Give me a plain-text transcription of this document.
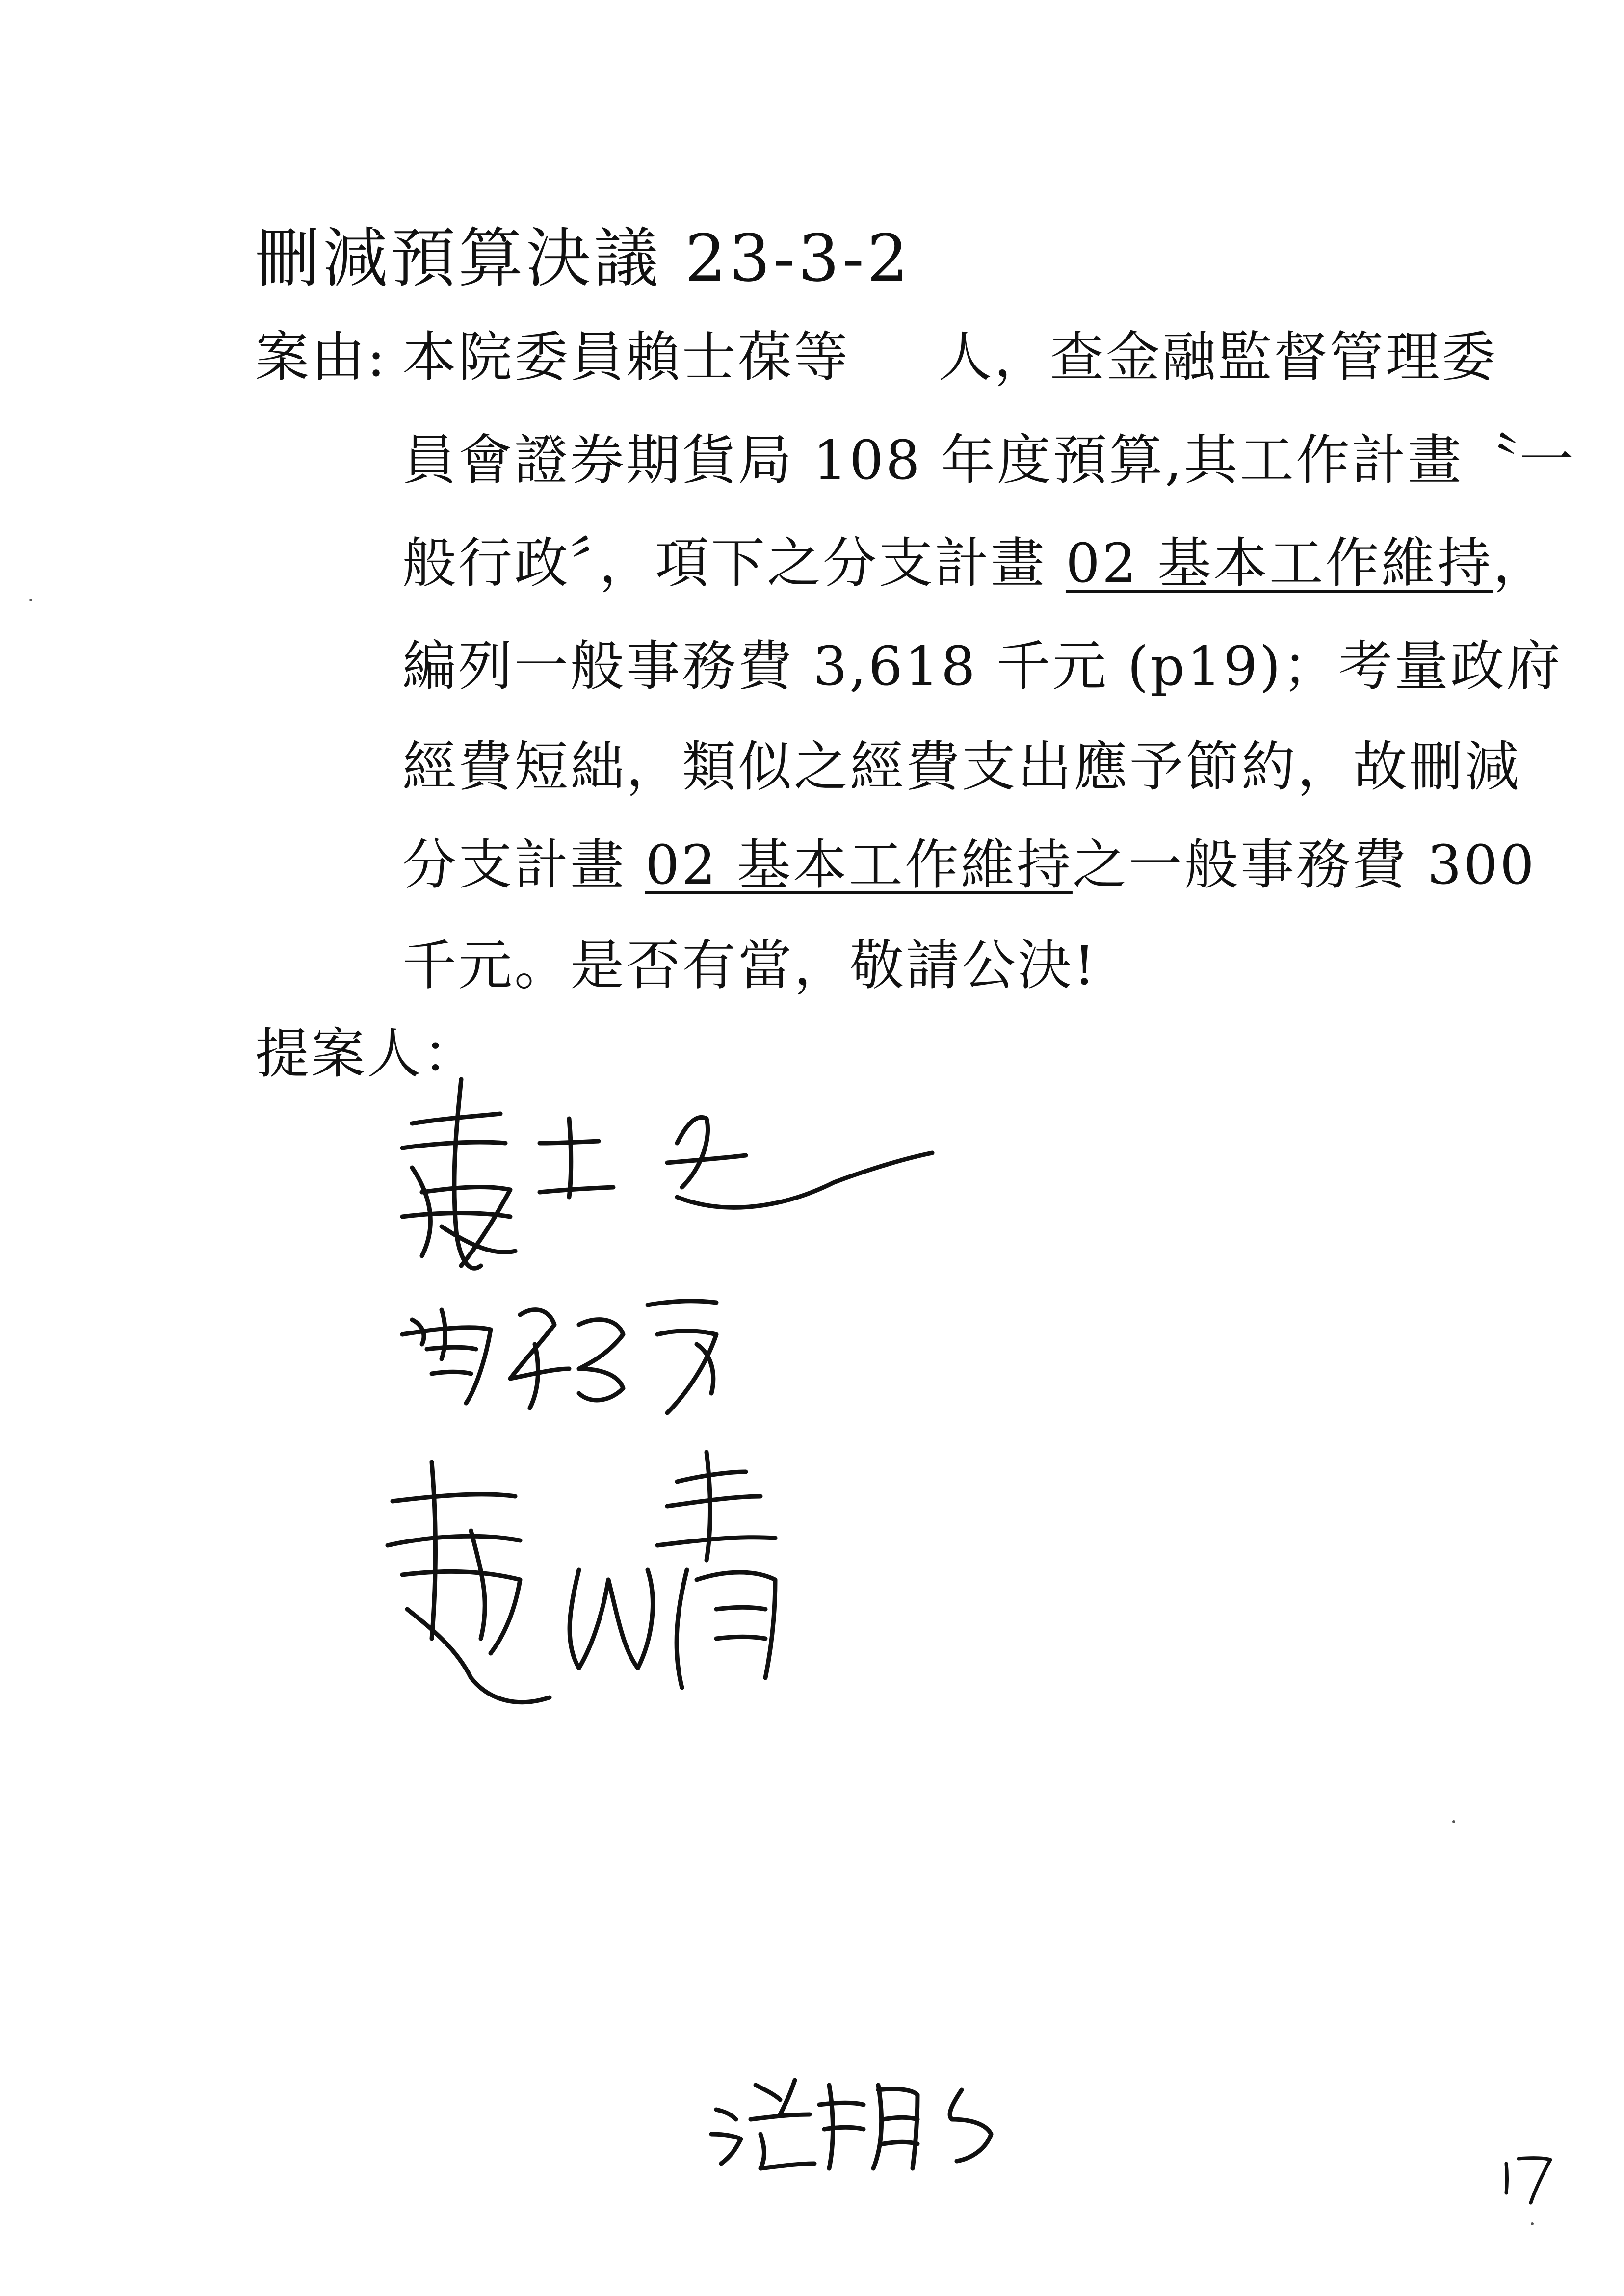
刪減預算決議 23-3-2
案由: 本院委員賴士葆等 人，查金融監督管理委
員會證券期貨局 108 年度預算,其工作計畫〝一
般行政〞，項下之分支計畫 02 基本工作維持，
編列一般事務費 3,618 千元 (p19)；考量政府
經費短絀，類似之經費支出應予節約，故刪減
分支計畫 02 基本工作維持之一般事務費 300
千元。是否有當，敬請公決!
提案人：
